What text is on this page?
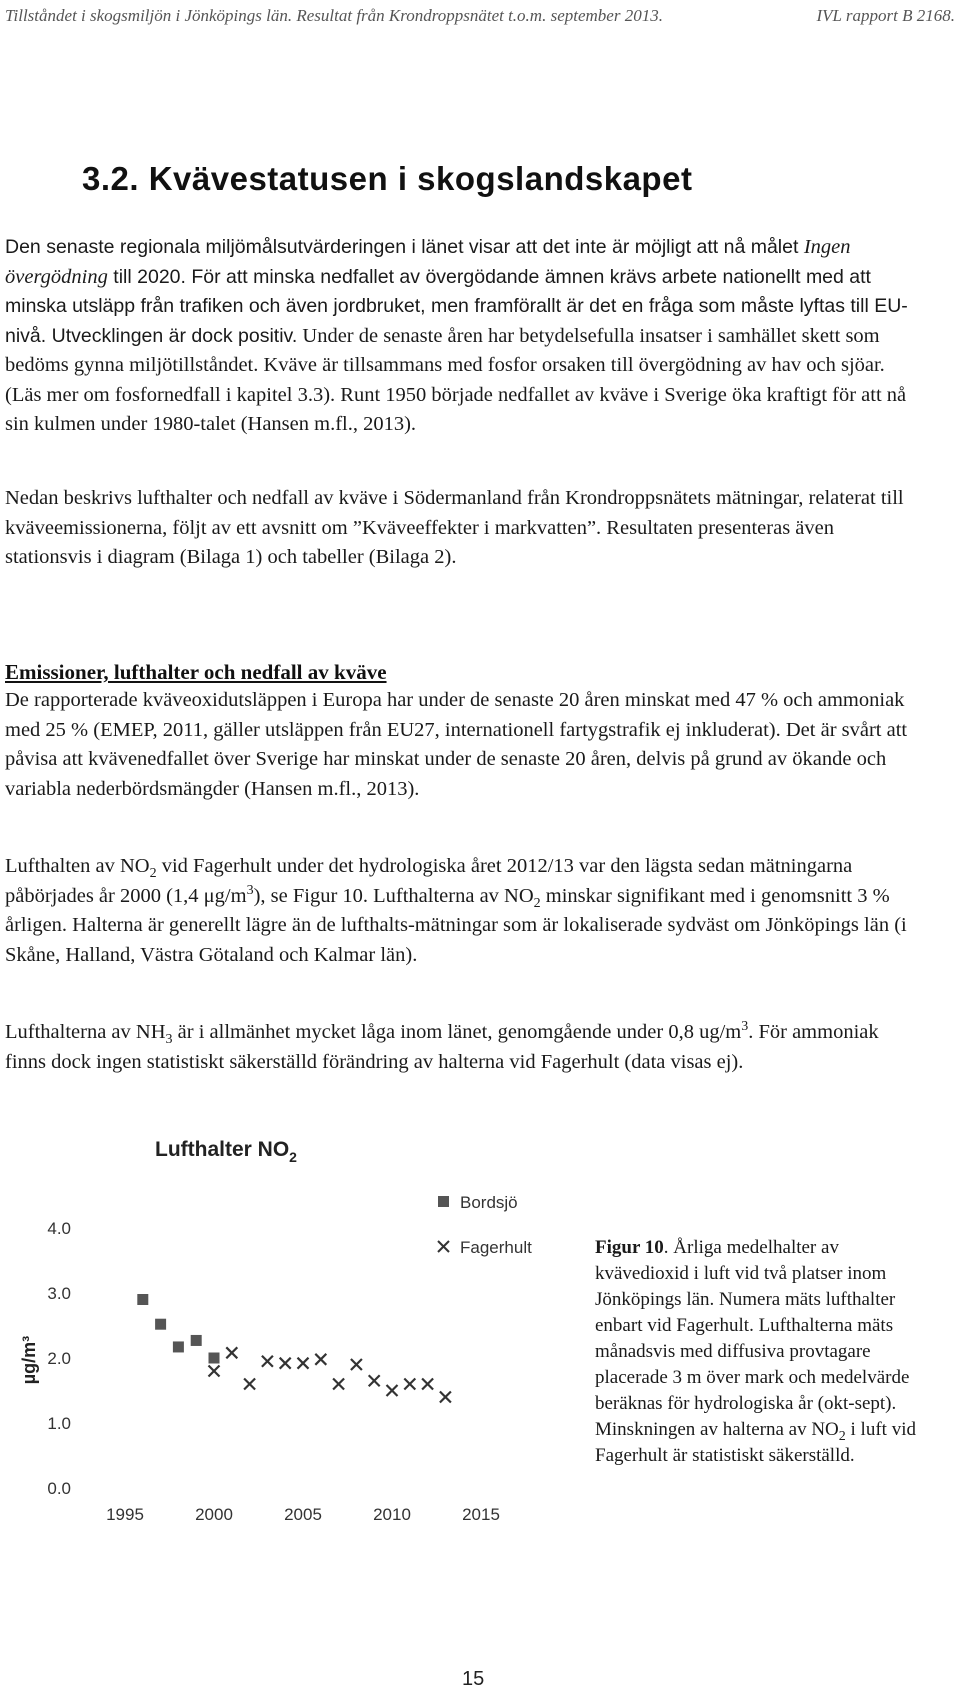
Tillståndet i skogsmiljön i Jönköpings län. Resultat från Krondroppsnätet t.o.m. september 2013.	IVL rapport B 2168.
3.2. Kvävestatusen i skogslandskapet

Den senaste regionala miljömålsutvärderingen i länet visar att det inte är möjligt att nå målet Ingen övergödning till 2020. För att minska nedfallet av övergödande ämnen krävs arbete nationellt med att minska utsläpp från trafiken och även jordbruket, men framförallt är det en fråga som måste lyftas till EU-nivå. Utvecklingen är dock positiv. Under de senaste åren har betydelsefulla insatser i samhället skett som bedöms gynna miljötillståndet. Kväve är tillsammans med fosfor orsaken till övergödning av hav och sjöar. (Läs mer om fosfornedfall i kapitel 3.3). Runt 1950 började nedfallet av kväve i Sverige öka kraftigt för att nå sin kulmen under 1980-talet (Hansen m.fl., 2013).

Nedan beskrivs lufthalter och nedfall av kväve i Södermanland från Krondroppsnätets mätningar, relaterat till kväveemissionerna, följt av ett avsnitt om ”Kväveeffekter i markvatten”. Resultaten presenteras även stationsvis i diagram (Bilaga 1) och tabeller (Bilaga 2).

Emissioner, lufthalter och nedfall av kväve

De rapporterade kväveoxidutsläppen i Europa har under de senaste 20 åren minskat med 47 % och ammoniak med 25 % (EMEP, 2011, gäller utsläppen från EU27, internationell fartygstrafik ej inkluderat). Det är svårt att påvisa att kvävenedfallet över Sverige har minskat under de senaste 20 åren, delvis på grund av ökande och variabla nederbördsmängder (Hansen m.fl., 2013).

Lufthalten av $NO_2$ vid Fagerhult under det hydrologiska året 2012/13 var den lägsta sedan mätningarna påbörjades år 2000 (1,4 $\mu g/m^3$), se Figur 10. Lufthalterna av $NO_2$ minskar signifikant med i genomsnitt 3 % årligen. Halterna är generellt lägre än de lufthalts-mätningar som är lokaliserade sydväst om Jönköpings län (i Skåne, Halland, Västra Götaland och Kalmar län).

Lufthalterna av $NH_3$ är i allmänhet mycket låga inom länet, genomgående under 0,8 $ug/m^3$. För ammoniak finns dock ingen statistiskt säkerställd förändring av halterna vid Fagerhult (data visas ej).

Lufthalter $NO_2$
µg/m³
0.0
1.0
2.0
3.0
4.0
1995	2000	2005	2010	2015
Bordsjö
Fagerhult	Figur 10. Årliga medelhalter av kvävedioxid i luft vid två platser inom Jönköpings län. Numera mäts lufthalter enbart vid Fagerhult. Lufthalterna mäts månadsvis med diffusiva provtagare placerade 3 m över mark och medelvärde beräknas för hydrologiska år (okt-sept). Minskningen av halterna av $NO_2$ i luft vid Fagerhult är statistiskt säkerställd.
15
